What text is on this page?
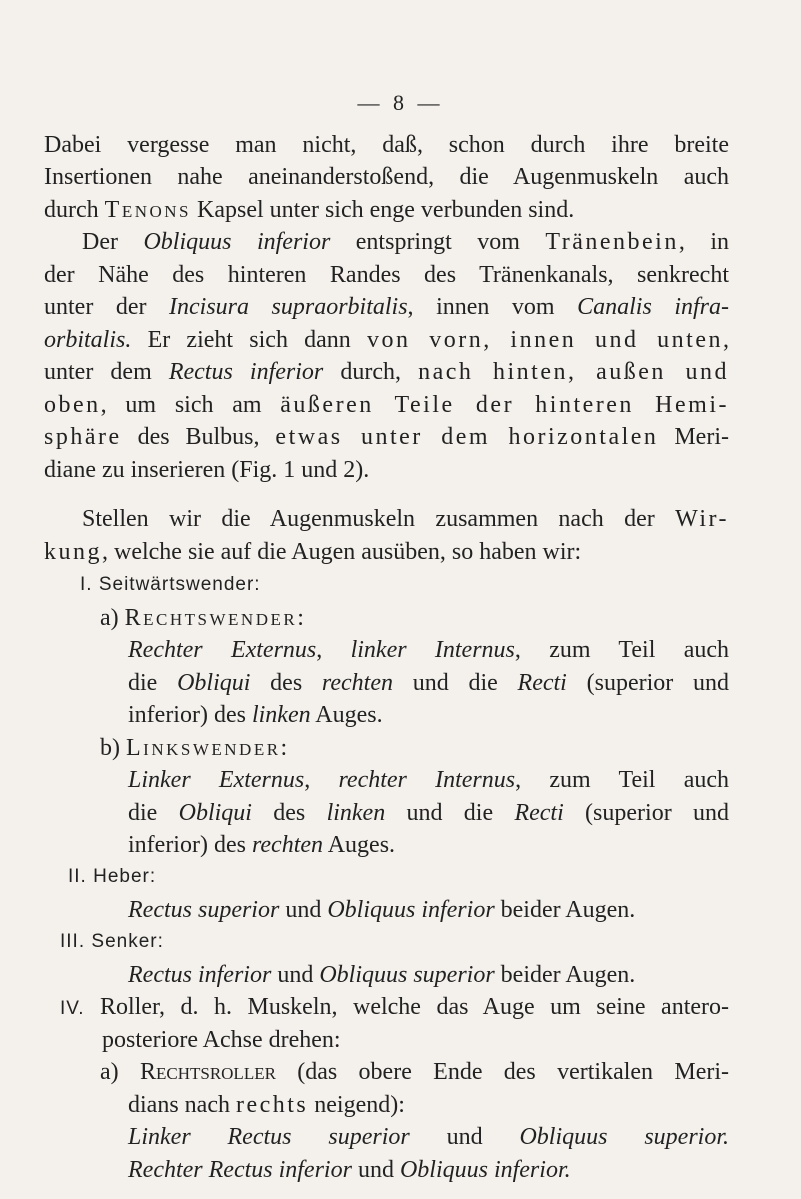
— 8 —
Dabei vergesse man nicht, daß, schon durch ihre breite
Insertionen nahe aneinanderstoßend, die Augenmuskeln auch
durch Tenons Kapsel unter sich enge verbunden sind.
Der Obliquus inferior entspringt vom Tränenbein, in
der Nähe des hinteren Randes des Tränenkanals, senkrecht
unter der Incisura supraorbitalis, innen vom Canalis infra-
orbitalis. Er zieht sich dann von vorn, innen und unten,
unter dem Rectus inferior durch, nach hinten, außen und
oben, um sich am äußeren Teile der hinteren Hemi-
sphäre des Bulbus, etwas unter dem horizontalen Meri-
diane zu inserieren (Fig. 1 und 2).
Stellen wir die Augenmuskeln zusammen nach der Wir-
kung, welche sie auf die Augen ausüben, so haben wir:
I. Seitwärtswender:
a) Rechtswender:
Rechter Externus, linker Internus, zum Teil auch
die Obliqui des rechten und die Recti (superior und
inferior) des linken Auges.
b) Linkswender:
Linker Externus, rechter Internus, zum Teil auch
die Obliqui des linken und die Recti (superior und
inferior) des rechten Auges.
II. Heber:
Rectus superior und Obliquus inferior beider Augen.
III. Senker:
Rectus inferior und Obliquus superior beider Augen.
IV. Roller, d. h. Muskeln, welche das Auge um seine antero-
posteriore Achse drehen:
a) Rechtsroller (das obere Ende des vertikalen Meri-
dians nach rechts neigend):
Linker Rectus superior und Obliquus superior.
Rechter Rectus inferior und Obliquus inferior.
